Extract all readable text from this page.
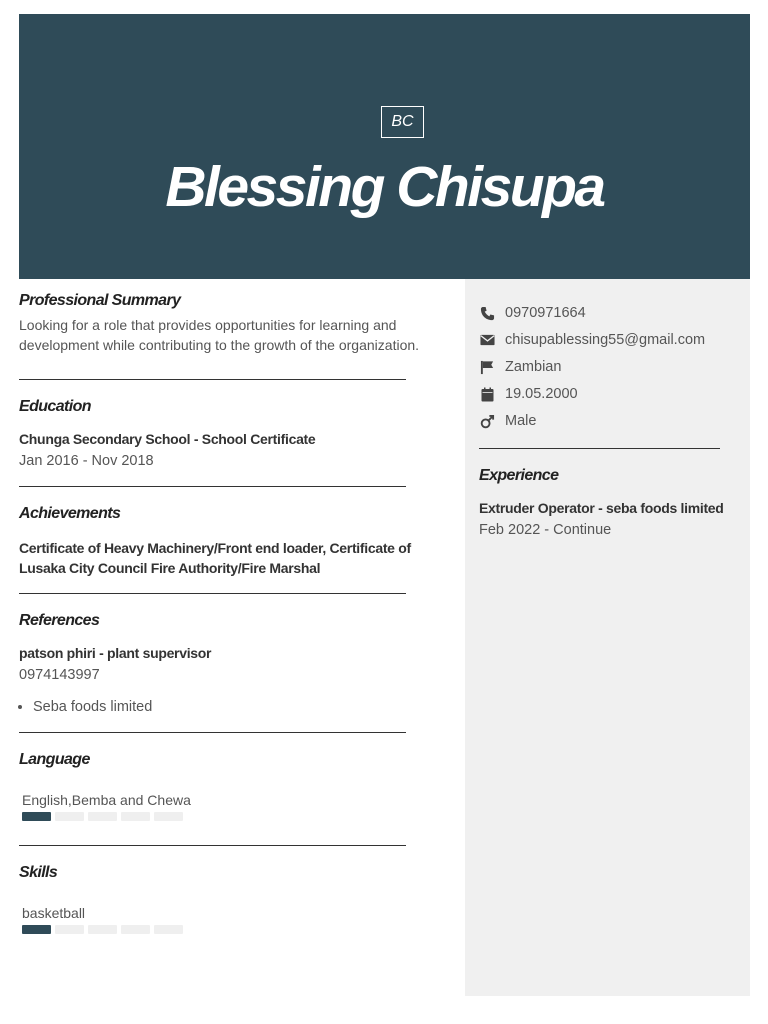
BC
Blessing Chisupa
0970971664
chisupablessing55@gmail.com
Zambian
19.05.2000
Male
Experience
Extruder Operator - seba foods limited
Feb 2022 - Continue
Professional Summary
Looking for a role that provides opportunities for learning and development while contributing to the growth of the organization.
Education
Chunga Secondary School - School Certificate
Jan 2016 - Nov 2018
Achievements
Certificate of Heavy Machinery/Front end loader, Certificate of Lusaka City Council Fire Authority/Fire Marshal
References
patson phiri - plant supervisor
0974143997
• Seba foods limited
Language
English,Bemba and Chewa
Skills
basketball
